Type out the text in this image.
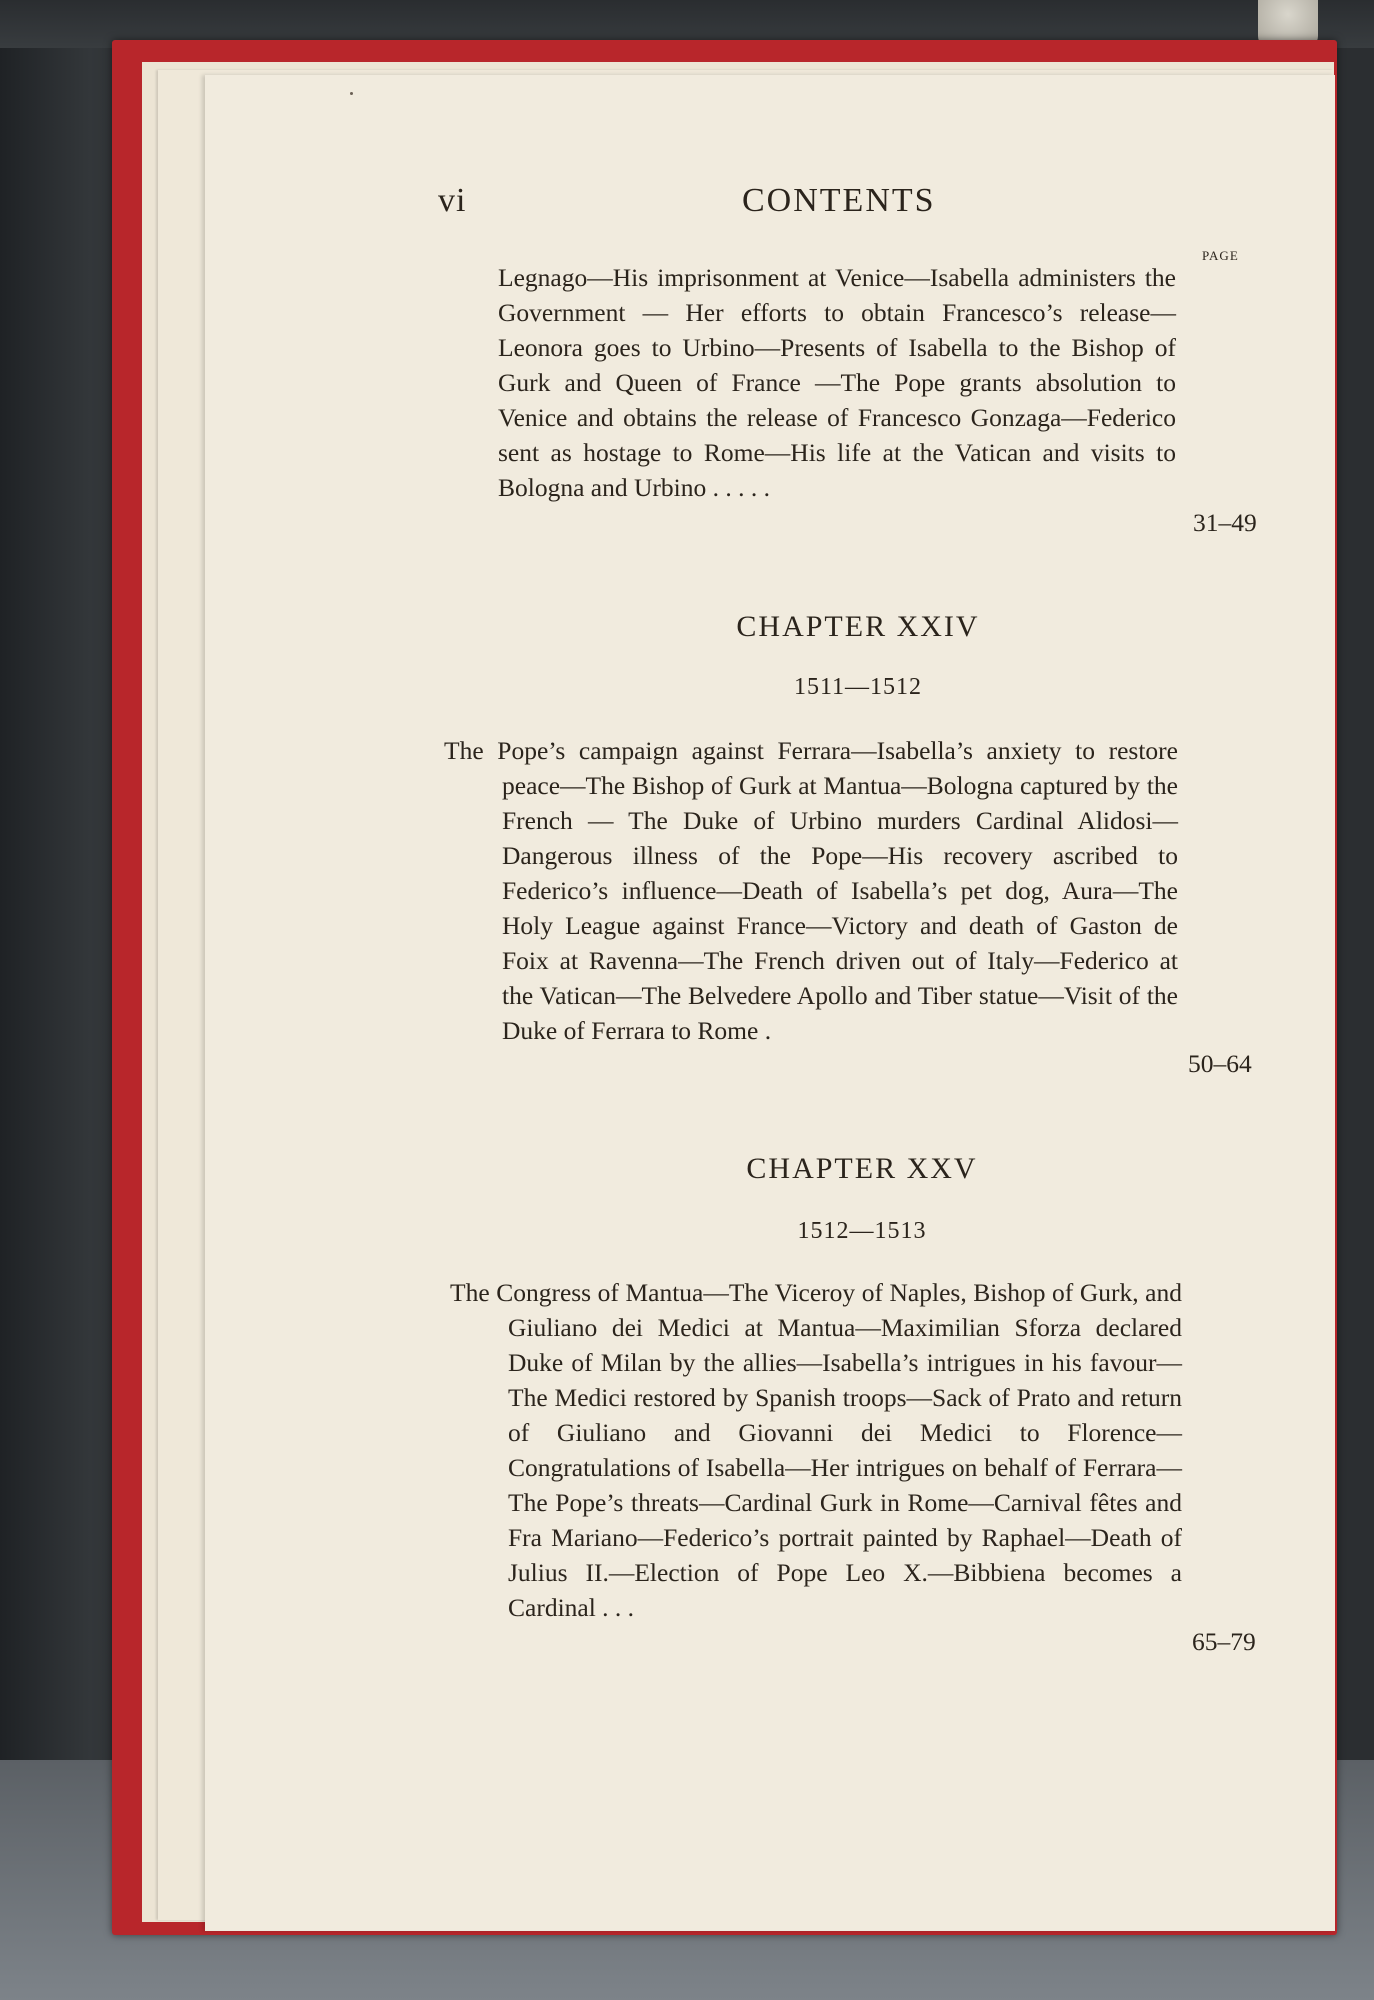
vi	CONTENTS
PAGE
Legnago—His imprisonment at Venice—Isabella administers the Government — Her efforts to obtain Francesco’s release—Leonora goes to Urbino—Presents of Isabella to the Bishop of Gurk and Queen of France —The Pope grants absolution to Venice and obtains the release of Francesco Gonzaga—Federico sent as hostage to Rome—His life at the Vatican and visits to Bologna and Urbino . . . . .
31–49
CHAPTER XXIV
1511—1512
The Pope’s campaign against Ferrara—Isabella’s anxiety to restore peace—The Bishop of Gurk at Mantua—Bologna captured by the French — The Duke of Urbino murders Cardinal Alidosi—Dangerous illness of the Pope—His recovery ascribed to Federico’s influence—Death of Isabella’s pet dog, Aura—The Holy League against France—Victory and death of Gaston de Foix at Ravenna—The French driven out of Italy—Federico at the Vatican—The Belvedere Apollo and Tiber statue—Visit of the Duke of Ferrara to Rome .
50–64
CHAPTER XXV
1512—1513
The Congress of Mantua—The Viceroy of Naples, Bishop of Gurk, and Giuliano dei Medici at Mantua—Maximilian Sforza declared Duke of Milan by the allies—Isabella’s intrigues in his favour—The Medici restored by Spanish troops—Sack of Prato and return of Giuliano and Giovanni dei Medici to Florence—Congratulations of Isabella—Her intrigues on behalf of Ferrara—The Pope’s threats—Cardinal Gurk in Rome—Carnival fêtes and Fra Mariano—Federico’s portrait painted by Raphael—Death of Julius II.—Election of Pope Leo X.—Bibbiena becomes a Cardinal . . .
65–79
